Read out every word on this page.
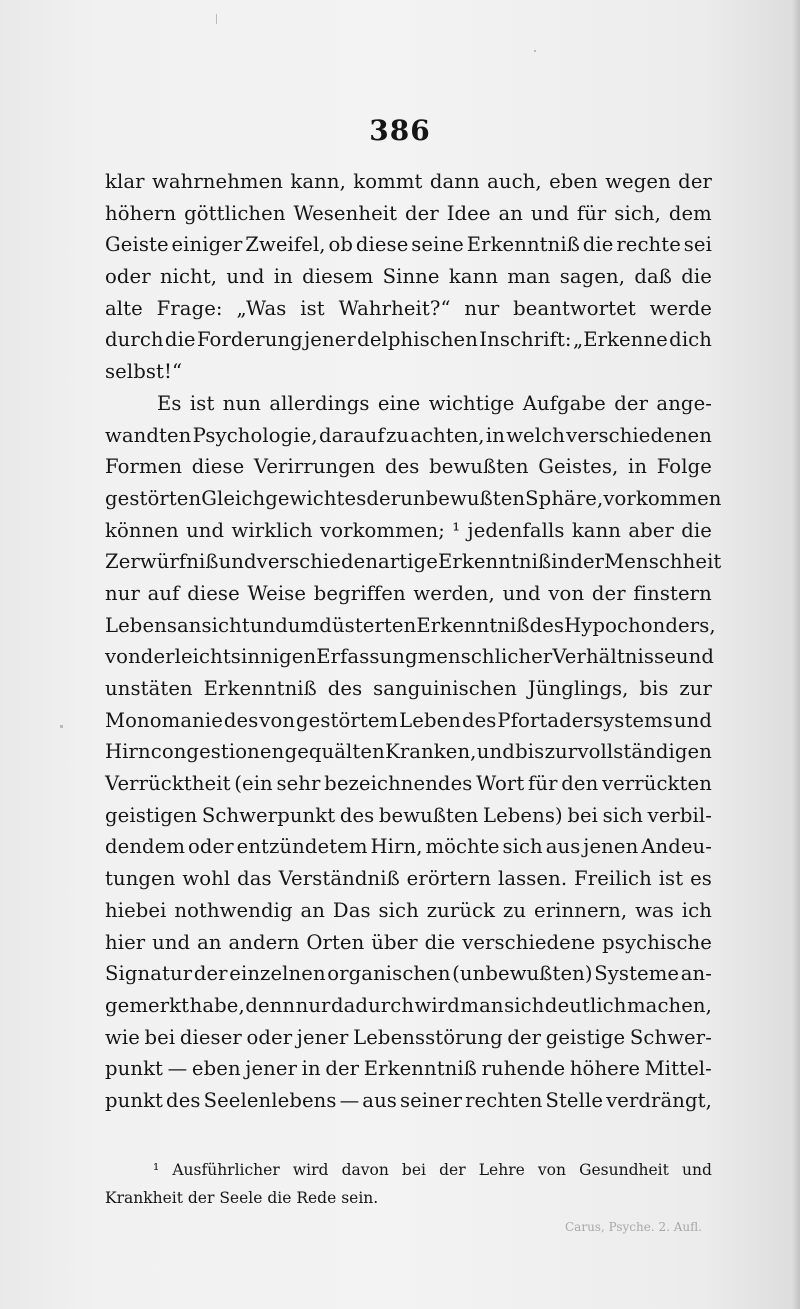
386
klar wahrnehmen kann, kommt dann auch, eben wegen der
höhern göttlichen Wesenheit der Idee an und für sich, dem
Geiste einiger Zweifel, ob diese seine Erkenntniß die rechte sei
oder nicht, und in diesem Sinne kann man sagen, daß die
alte Frage: „Was ist Wahrheit?“ nur beantwortet werde
durch die Forderung jener delphischen Inschrift: „Erkenne dich
selbst!“
Es ist nun allerdings eine wichtige Aufgabe der ange-
wandten Psychologie, darauf zu achten, in welch verschiedenen
Formen diese Verirrungen des bewußten Geistes, in Folge
gestörten Gleichgewichtes der unbewußten Sphäre, vorkommen
können und wirklich vorkommen; ¹ jedenfalls kann aber die
Zerwürfniß und verschiedenartige Erkenntniß in der Menschheit
nur auf diese Weise begriffen werden, und von der finstern
Lebensansicht und umdüsterten Erkenntniß des Hypochonders,
von der leichtsinnigen Erfassung menschlicher Verhältnisse und
unstäten Erkenntniß des sanguinischen Jünglings, bis zur
Monomanie des von gestörtem Leben des Pfortadersystems und
Hirncongestionen gequälten Kranken, und bis zur vollständigen
Verrücktheit (ein sehr bezeichnendes Wort für den verrückten
geistigen Schwerpunkt des bewußten Lebens) bei sich verbil-
dendem oder entzündetem Hirn, möchte sich aus jenen Andeu-
tungen wohl das Verständniß erörtern lassen. Freilich ist es
hiebei nothwendig an Das sich zurück zu erinnern, was ich
hier und an andern Orten über die verschiedene psychische
Signatur der einzelnen organischen (unbewußten) Systeme an-
gemerkt habe, denn nur dadurch wird man sich deutlich machen,
wie bei dieser oder jener Lebensstörung der geistige Schwer-
punkt — eben jener in der Erkenntniß ruhende höhere Mittel-
punkt des Seelenlebens — aus seiner rechten Stelle verdrängt,
¹ Ausführlicher wird davon bei der Lehre von Gesundheit und
Krankheit der Seele die Rede sein.
Carus, Psyche. 2. Aufl.
